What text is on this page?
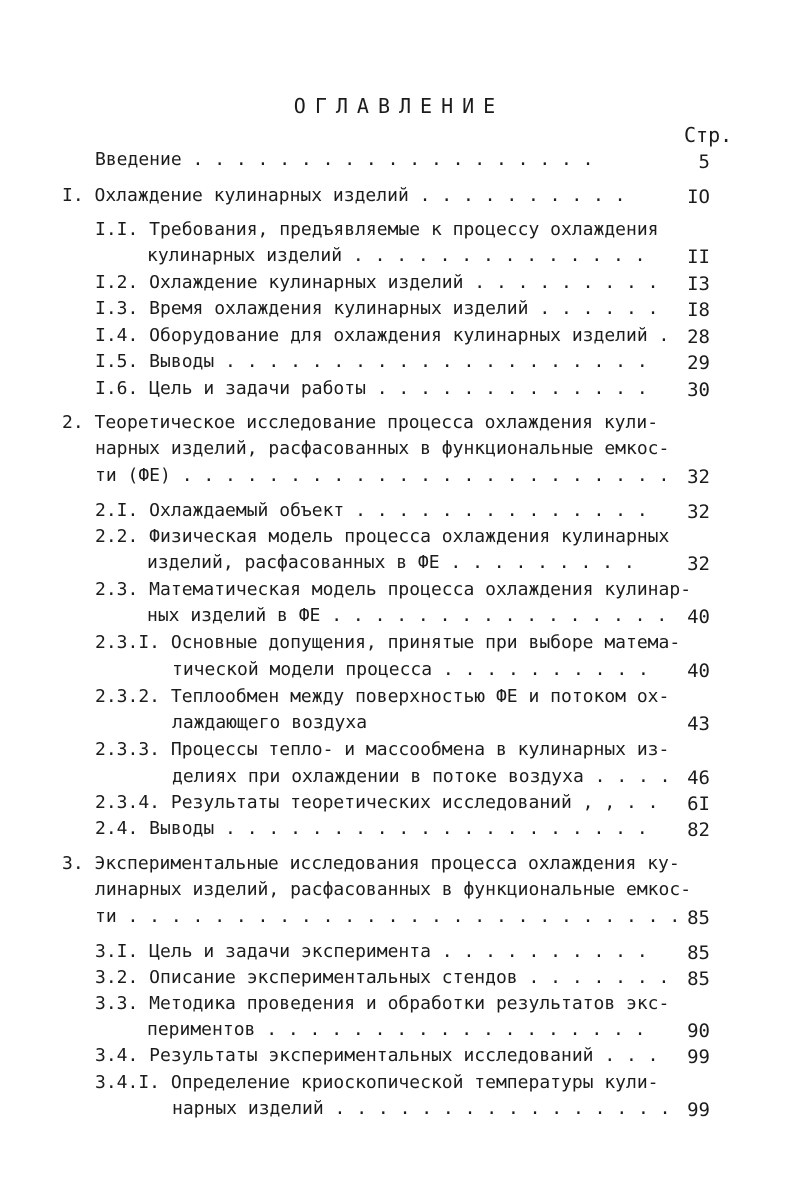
ОГЛАВЛЕНИЕ
Стр.
Введение . . . . . . . . . . . . . . . . . . .	5
I. Охлаждение кулинарных изделий . . . . . . . . . .	IO
I.I. Требования, предъявляемые к процессу охлаждения
кулинарных изделий . . . . . . . . . . . . . .	II
I.2. Охлаждение кулинарных изделий . . . . . . . . .	I3
I.3. Время охлаждения кулинарных изделий . . . . . .	I8
I.4. Оборудование для охлаждения кулинарных изделий . 28
I.5. Выводы . . . . . . . . . . . . . . . . . . . .	29
I.6. Цель и задачи работы . . . . . . . . . . . . .	30
2. Теоретическое исследование процесса охлаждения кули-
нарных изделий, расфасованных в функциональные емкос-
ти (ФЕ) . . . . . . . . . . . . . . . . . . . . . . . 32
2.I. Охлаждаемый объект . . . . . . . . . . . . . .	32
2.2. Физическая модель процесса охлаждения кулинарных
изделий, расфасованных в ФЕ . . . . . . . . .	32
2.3. Математическая модель процесса охлаждения кулинар-
ных изделий в ФЕ . . . . . . . . . . . . . . . .	40
2.3.I. Основные допущения, принятые при выборе матема-
тической модели процесса . . . . . . . . . .	40
2.3.2. Теплообмен между поверхностью ФЕ и потоком ох-
лаждающего воздуха	43
2.3.3. Процессы тепло- и массообмена в кулинарных из-
делиях при охлаждении в потоке воздуха . . . . 46
2.3.4. Результаты теоретических исследований , , . .	6I
2.4. Выводы . . . . . . . . . . . . . . . . . . . .	82
3. Экспериментальные исследования процесса охлаждения ку-
линарных изделий, расфасованных в функциональные емкос-
ти . . . . . . . . . . . . . . . . . . . . . . . . . . 85
3.I. Цель и задачи эксперимента . . . . . . . . . .	85
3.2. Описание экспериментальных стендов . . . . . . . 85
3.3. Методика проведения и обработки результатов экс-
периментов . . . . . . . . . . . . . . . . . .	90
3.4. Результаты экспериментальных исследований . . .	99
3.4.I. Определение криоскопической температуры кули-
нарных изделий . . . . . . . . . . . . . . . . 99
